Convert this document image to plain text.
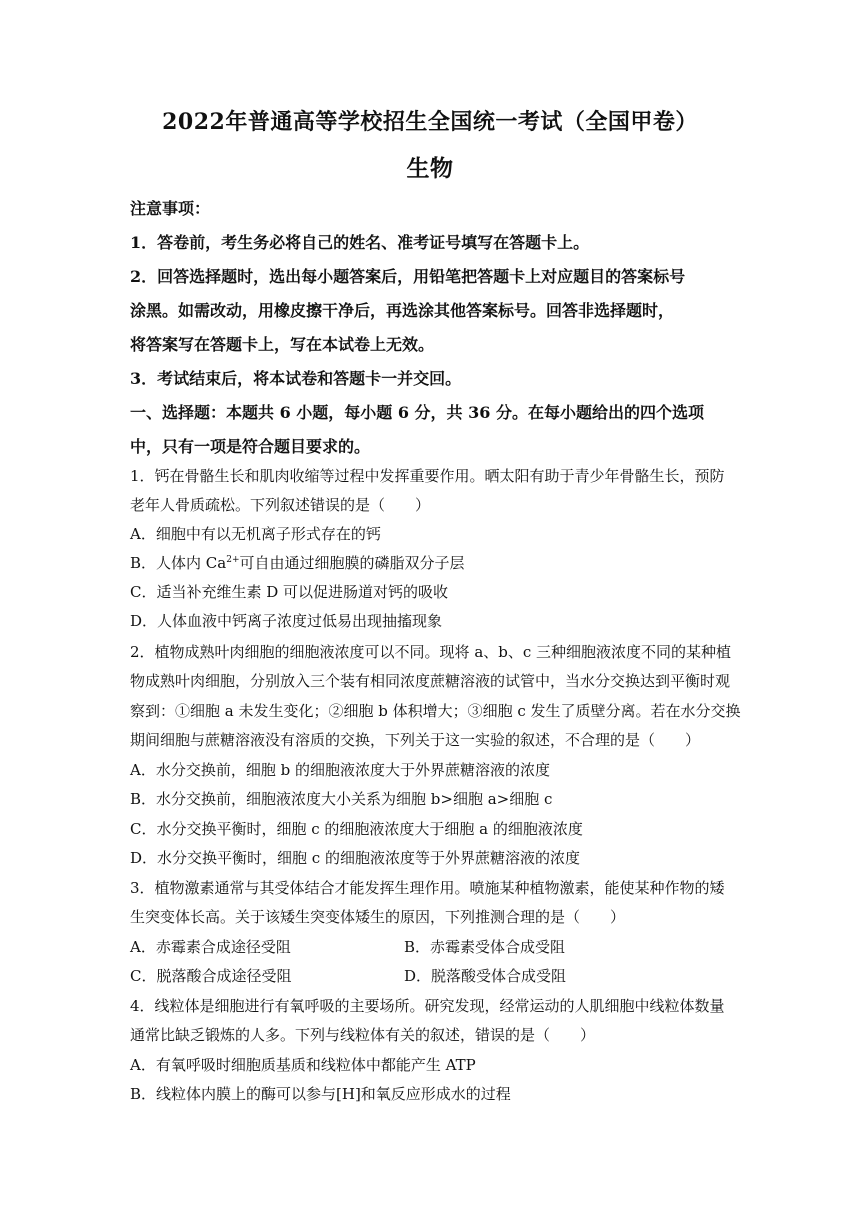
2022年普通高等学校招生全国统一考试（全国甲卷）
生物
注意事项：
1．答卷前，考生务必将自己的姓名、准考证号填写在答题卡上。
2．回答选择题时，选出每小题答案后，用铅笔把答题卡上对应题目的答案标号
涂黑。如需改动，用橡皮擦干净后，再选涂其他答案标号。回答非选择题时，
将答案写在答题卡上，写在本试卷上无效。
3．考试结束后，将本试卷和答题卡一并交回。
一、选择题：本题共 6 小题，每小题 6 分，共 36 分。在每小题给出的四个选项
中，只有一项是符合题目要求的。
1．钙在骨骼生长和肌肉收缩等过程中发挥重要作用。晒太阳有助于青少年骨骼生长，预防
老年人骨质疏松。下列叙述错误的是（　　）
A．细胞中有以无机离子形式存在的钙
B．人体内 $Ca^{2+}$可自由通过细胞膜的磷脂双分子层
C．适当补充维生素 D 可以促进肠道对钙的吸收
D．人体血液中钙离子浓度过低易出现抽搐现象
2．植物成熟叶肉细胞的细胞液浓度可以不同。现将 a、b、c 三种细胞液浓度不同的某种植
物成熟叶肉细胞，分别放入三个装有相同浓度蔗糖溶液的试管中，当水分交换达到平衡时观
察到：①细胞 a 未发生变化；②细胞 b 体积增大；③细胞 c 发生了质壁分离。若在水分交换
期间细胞与蔗糖溶液没有溶质的交换，下列关于这一实验的叙述，不合理的是（　　）
A．水分交换前，细胞 b 的细胞液浓度大于外界蔗糖溶液的浓度
B．水分交换前，细胞液浓度大小关系为细胞 b>细胞 a>细胞 c
C．水分交换平衡时，细胞 c 的细胞液浓度大于细胞 a 的细胞液浓度
D．水分交换平衡时，细胞 c 的细胞液浓度等于外界蔗糖溶液的浓度
3．植物激素通常与其受体结合才能发挥生理作用。喷施某种植物激素，能使某种作物的矮
生突变体长高。关于该矮生突变体矮生的原因，下列推测合理的是（　　）
A．赤霉素合成途径受阻	B．赤霉素受体合成受阻
C．脱落酸合成途径受阻	D．脱落酸受体合成受阻
4．线粒体是细胞进行有氧呼吸的主要场所。研究发现，经常运动的人肌细胞中线粒体数量
通常比缺乏锻炼的人多。下列与线粒体有关的叙述，错误的是（　　）
A．有氧呼吸时细胞质基质和线粒体中都能产生 ATP
B．线粒体内膜上的酶可以参与[H]和氧反应形成水的过程
